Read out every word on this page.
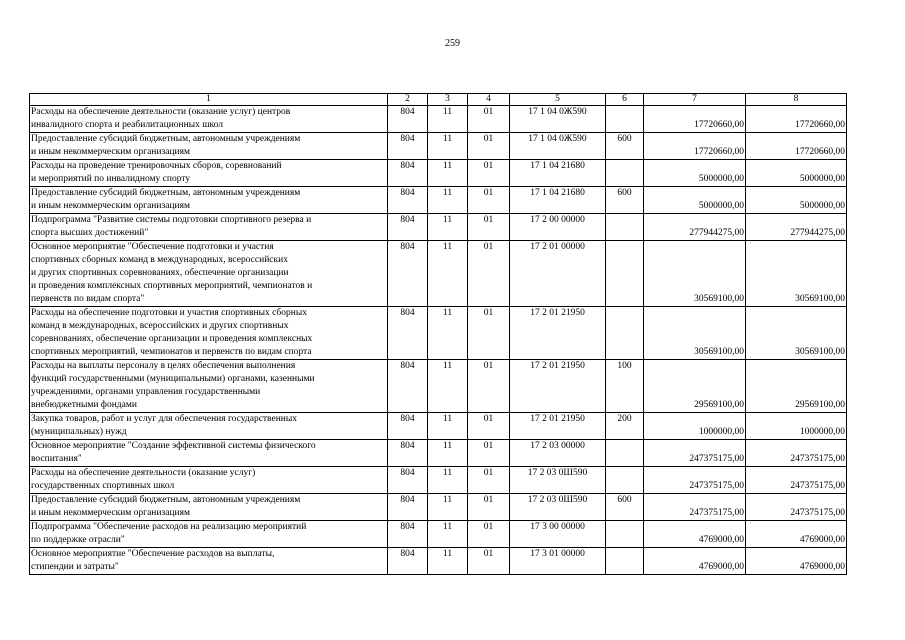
259
1	2	3	4	5	6	7	8
Расходы на обеспечение деятельности (оказание услуг) центров
инвалидного спорта и реабилитационных школ	804	11	01	17 1 04 0Ж590		17720660,00	17720660,00
Предоставление субсидий бюджетным, автономным учреждениям
и иным некоммерческим организациям	804	11	01	17 1 04 0Ж590	600	17720660,00	17720660,00
Расходы на проведение тренировочных сборов, соревнований
и мероприятий по инвалидному спорту	804	11	01	17 1 04 21680		5000000,00	5000000,00
Предоставление субсидий бюджетным, автономным учреждениям
и иным некоммерческим организациям	804	11	01	17 1 04 21680	600	5000000,00	5000000,00
Подпрограмма "Развитие системы подготовки спортивного резерва и
спорта высших достижений"	804	11	01	17 2 00 00000		277944275,00	277944275,00
Основное мероприятие "Обеспечение подготовки и участия
спортивных сборных команд в международных, всероссийских
и других спортивных соревнованиях, обеспечение организации
и проведения комплексных спортивных мероприятий, чемпионатов и
первенств по видам спорта"	804	11	01	17 2 01 00000		30569100,00	30569100,00
Расходы на обеспечение подготовки и участия спортивных сборных
команд в международных, всероссийских и других спортивных
соревнованиях, обеспечение организации и проведения комплексных
спортивных мероприятий, чемпионатов и первенств по видам спорта	804	11	01	17 2 01 21950		30569100,00	30569100,00
Расходы на выплаты персоналу в целях обеспечения выполнения
функций государственными (муниципальными) органами, казенными
учреждениями, органами управления государственными
внебюджетными фондами	804	11	01	17 2 01 21950	100	29569100,00	29569100,00
Закупка товаров, работ и услуг для обеспечения государственных
(муниципальных) нужд	804	11	01	17 2 01 21950	200	1000000,00	1000000,00
Основное мероприятие "Создание эффективной системы физического
воспитания"	804	11	01	17 2 03 00000		247375175,00	247375175,00
Расходы на обеспечение деятельности (оказание услуг)
государственных спортивных школ	804	11	01	17 2 03 0Ш590		247375175,00	247375175,00
Предоставление субсидий бюджетным, автономным учреждениям
и иным некоммерческим организациям	804	11	01	17 2 03 0Ш590	600	247375175,00	247375175,00
Подпрограмма "Обеспечение расходов на реализацию мероприятий
по поддержке отрасли"	804	11	01	17 3 00 00000		4769000,00	4769000,00
Основное мероприятие "Обеспечение расходов на выплаты,
стипендии и затраты"	804	11	01	17 3 01 00000		4769000,00	4769000,00
